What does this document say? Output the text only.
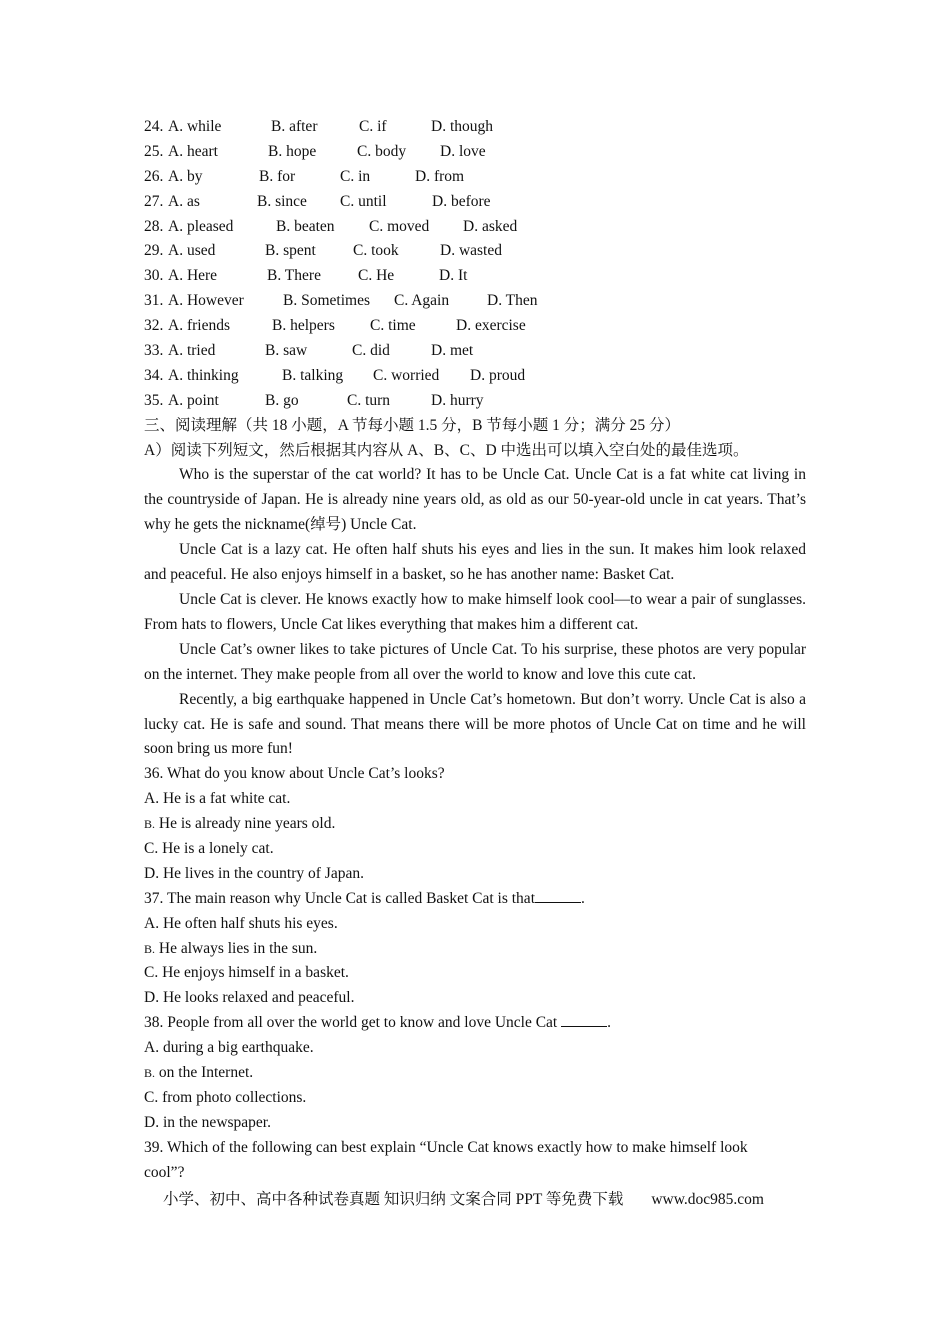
24. A. while	B. after	C. if	D. though
25. A. heart	B. hope	C. body D. love
26. A. by	B. for	C. in	D. from
27. A. as	B. since C. until	D. before
28. A. pleased	B. beaten C. moved D. asked
29. A. used	B. spent C. took	D. wasted
30. A. Here	B. There C. He	D. It
31. A. However	B. Sometimes C. Again D. Then
32. A. friends	B. helpers C. time	D. exercise
33. A. tried	B. saw	C. did	D. met
34. A. thinking	B. talking C. worried D. proud
35. A. point	B. go	C. turn	D. hurry
三、阅读理解（共 18 小题，A 节每小题 1.5 分，B 节每小题 1 分；满分 25 分）
A）阅读下列短文，然后根据其内容从 A、B、C、D 中选出可以填入空白处的最佳选项。
Who is the superstar of the cat world? It has to be Uncle Cat. Uncle Cat is a fat white cat living in the countryside of Japan. He is already nine years old, as old as our 50-year-old uncle in cat years. That’s why he gets the nickname(绰号) Uncle Cat.
Uncle Cat is a lazy cat. He often half shuts his eyes and lies in the sun. It makes him look relaxed and peaceful. He also enjoys himself in a basket, so he has another name: Basket Cat.
Uncle Cat is clever. He knows exactly how to make himself look cool—to wear a pair of sunglasses. From hats to flowers, Uncle Cat likes everything that makes him a different cat.
Uncle Cat’s owner likes to take pictures of Uncle Cat. To his surprise, these photos are very popular on the internet. They make people from all over the world to know and love this cute cat.
Recently, a big earthquake happened in Uncle Cat’s hometown. But don’t worry. Uncle Cat is also a lucky cat. He is safe and sound. That means there will be more photos of Uncle Cat on time and he will soon bring us more fun!
36. What do you know about Uncle Cat’s looks?
A. He is a fat white cat.
B. He is already nine years old.
C. He is a lonely cat.
D. He lives in the country of Japan.
37. The main reason why Uncle Cat is called Basket Cat is that	.
A. He often half shuts his eyes.
B. He always lies in the sun.
C. He enjoys himself in a basket.
D. He looks relaxed and peaceful.
38. People from all over the world get to know and love Uncle Cat	.
A. during a big earthquake.
B. on the Internet.
C. from photo collections.
D. in the newspaper.
39. Which of the following can best explain “Uncle Cat knows exactly how to make himself look
cool”?
小学、初中、高中各种试卷真题 知识归纳 文案合同 PPT 等免费下载 www.doc985.com
